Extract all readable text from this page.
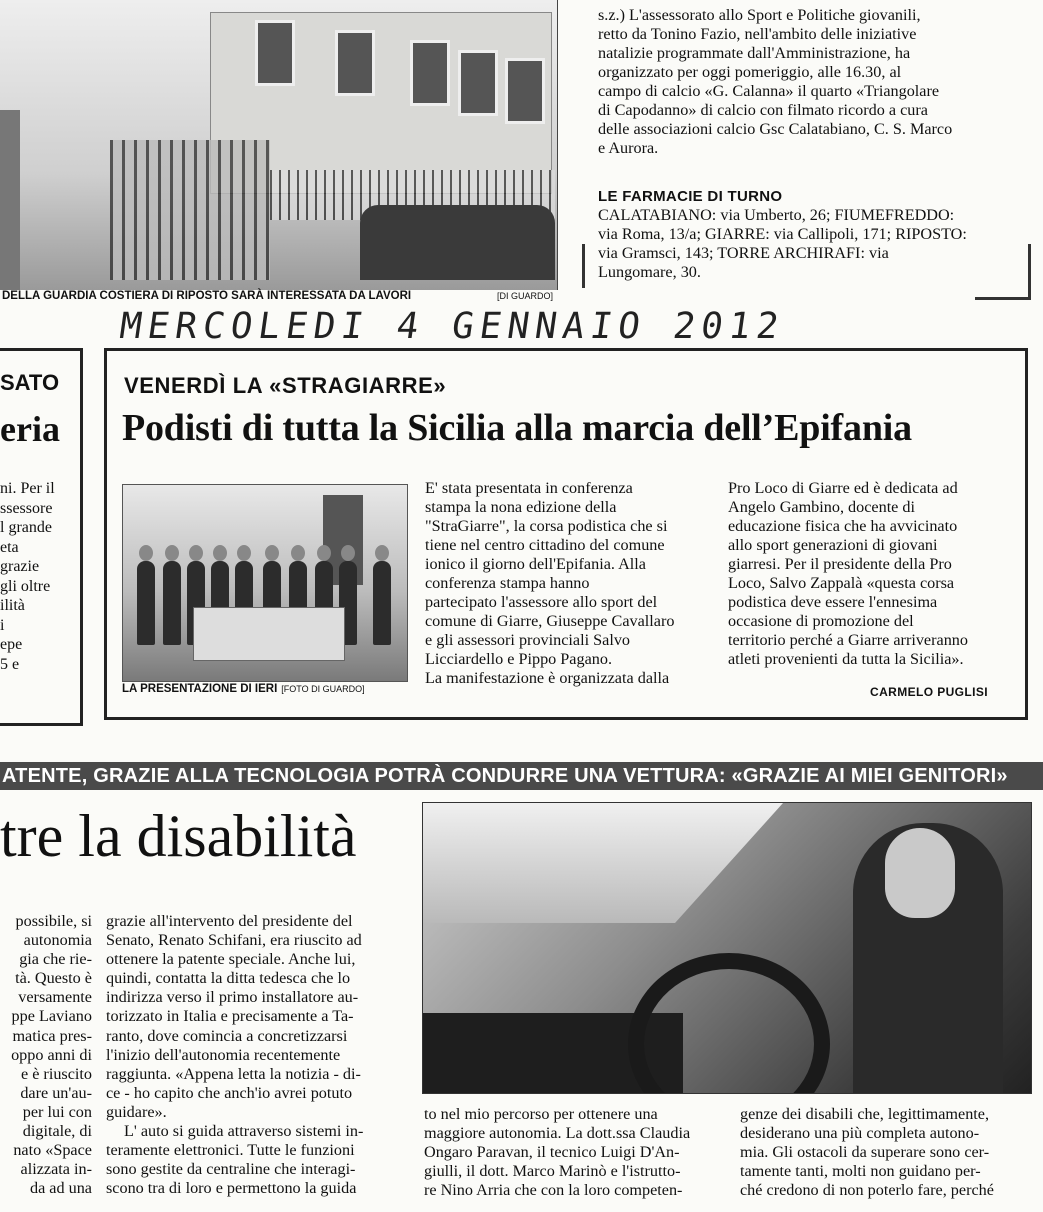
DELLA GUARDIA COSTIERA DI RIPOSTO SARÀ INTERESSATA DA LAVORI	[DI GUARDO]
s.z.) L'assessorato allo Sport e Politiche giovanili,
retto da Tonino Fazio, nell'ambito delle iniziative
natalizie programmate dall'Amministrazione, ha
organizzato per oggi pomeriggio, alle 16.30, al
campo di calcio «G. Calanna» il quarto «Triangolare
di Capodanno» di calcio con filmato ricordo a cura
delle associazioni calcio Gsc Calatabiano, C. S. Marco
e Aurora.
LE FARMACIE DI TURNO
CALATABIANO: via Umberto, 26; FIUMEFREDDO:
via Roma, 13/a; GIARRE: via Callipoli, 171; RIPOSTO:
via Gramsci, 143; TORRE ARCHIRAFI: via
Lungomare, 30.
MERCOLEDI 4 GENNAIO 2012
SATO
eria
ni. Per il
ssessore
l grande
eta
grazie
gli oltre
ilità
i
epe
5 e
VENERDÌ LA «STRAGIARRE»
Podisti di tutta la Sicilia alla marcia dell’Epifania
LA PRESENTAZIONE DI IERI [FOTO DI GUARDO]
E' stata presentata in conferenza
stampa la nona edizione della
"StraGiarre", la corsa podistica che si
tiene nel centro cittadino del comune
ionico il giorno dell'Epifania. Alla
conferenza stampa hanno
partecipato l'assessore allo sport del
comune di Giarre, Giuseppe Cavallaro
e gli assessori provinciali Salvo
Licciardello e Pippo Pagano.
La manifestazione è organizzata dalla
Pro Loco di Giarre ed è dedicata ad
Angelo Gambino, docente di
educazione fisica che ha avvicinato
allo sport generazioni di giovani
giarresi. Per il presidente della Pro
Loco, Salvo Zappalà «questa corsa
podistica deve essere l'ennesima
occasione di promozione del
territorio perché a Giarre arriveranno
atleti provenienti da tutta la Sicilia».
CARMELO PUGLISI
ATENTE, GRAZIE ALLA TECNOLOGIA POTRÀ CONDURRE UNA VETTURA: «GRAZIE AI MIEI GENITORI»
tre la disabilità
possibile, si
autonomia
gia che rie-
tà. Questo è
versamente
ppe Laviano
matica pres-
oppo anni di
e è riuscito
dare un'au-
per lui con
digitale, di
nato «Space
alizzata in-
da ad una
grazie all'intervento del presidente del
Senato, Renato Schifani, era riuscito ad
ottenere la patente speciale. Anche lui,
quindi, contatta la ditta tedesca che lo
indirizza verso il primo installatore au-
torizzato in Italia e precisamente a Ta-
ranto, dove comincia a concretizzarsi
l'inizio dell'autonomia recentemente
raggiunta. «Appena letta la notizia - di-
ce - ho capito che anch'io avrei potuto
guidare».
L' auto si guida attraverso sistemi in-
teramente elettronici. Tutte le funzioni
sono gestite da centraline che interagi-
scono tra di loro e permettono la guida
to nel mio percorso per ottenere una
maggiore autonomia. La dott.ssa Claudia
Ongaro Paravan, il tecnico Luigi D'An-
giulli, il dott. Marco Marinò e l'istrutto-
re Nino Arria che con la loro competen-
genze dei disabili che, legittimamente,
desiderano una più completa autono-
mia. Gli ostacoli da superare sono cer-
tamente tanti, molti non guidano per-
ché credono di non poterlo fare, perché
